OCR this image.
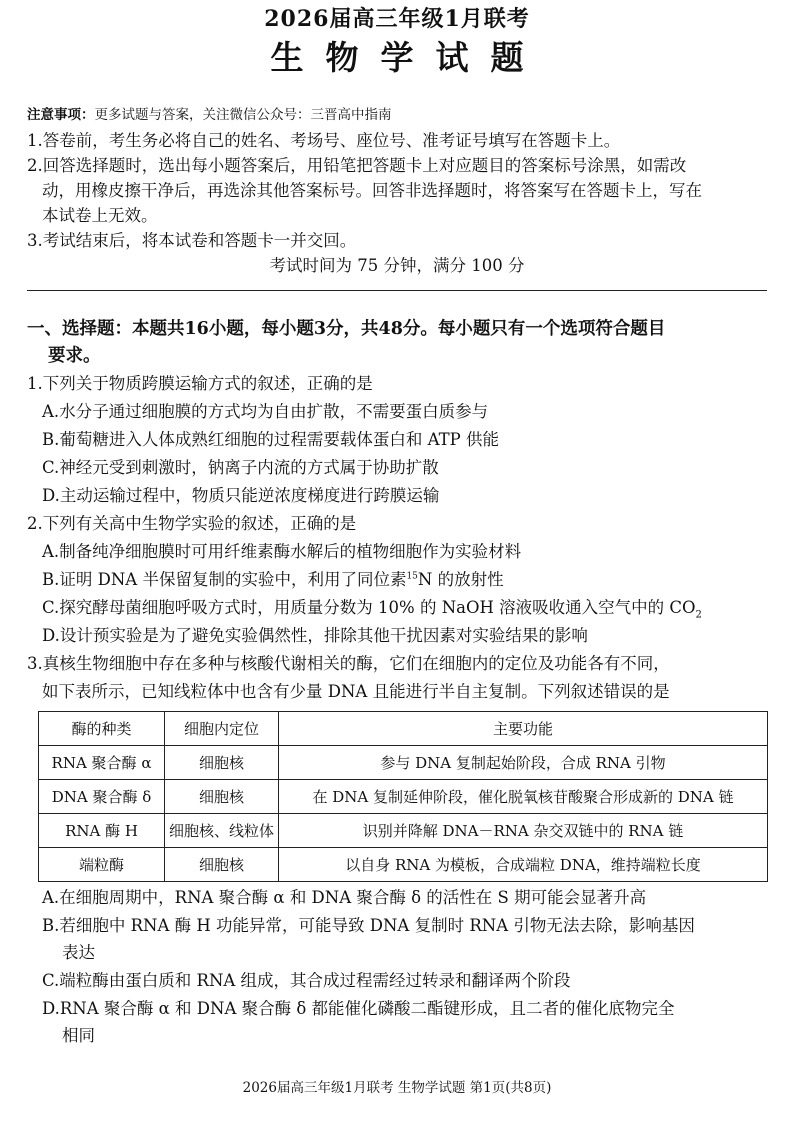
2026届高三年级1月联考
生物学试题
注意事项：更多试题与答案，关注微信公众号：三晋高中指南
1.答卷前，考生务必将自己的姓名、考场号、座位号、准考证号填写在答题卡上。
2.回答选择题时，选出每小题答案后，用铅笔把答题卡上对应题目的答案标号涂黑，如需改
动，用橡皮擦干净后，再选涂其他答案标号。回答非选择题时，将答案写在答题卡上，写在
本试卷上无效。
3.考试结束后，将本试卷和答题卡一并交回。
考试时间为 75 分钟，满分 100 分
一、选择题：本题共16小题，每小题3分，共48分。每小题只有一个选项符合题目
要求。
1.下列关于物质跨膜运输方式的叙述，正确的是
A.水分子通过细胞膜的方式均为自由扩散，不需要蛋白质参与
B.葡萄糖进入人体成熟红细胞的过程需要载体蛋白和 ATP 供能
C.神经元受到刺激时，钠离子内流的方式属于协助扩散
D.主动运输过程中，物质只能逆浓度梯度进行跨膜运输
2.下列有关高中生物学实验的叙述，正确的是
A.制备纯净细胞膜时可用纤维素酶水解后的植物细胞作为实验材料
B.证明 DNA 半保留复制的实验中，利用了同位素$^{15}$N 的放射性
C.探究酵母菌细胞呼吸方式时，用质量分数为 10% 的 NaOH 溶液吸收通入空气中的 $CO_2$
D.设计预实验是为了避免实验偶然性，排除其他干扰因素对实验结果的影响
3.真核生物细胞中存在多种与核酸代谢相关的酶，它们在细胞内的定位及功能各有不同，
如下表所示，已知线粒体中也含有少量 DNA 且能进行半自主复制。下列叙述错误的是
酶的种类	细胞内定位	主要功能
RNA 聚合酶 α	细胞核	参与 DNA 复制起始阶段，合成 RNA 引物
DNA 聚合酶 δ	细胞核	在 DNA 复制延伸阶段，催化脱氧核苷酸聚合形成新的 DNA 链
RNA 酶 H	细胞核、线粒体	识别并降解 DNA－RNA 杂交双链中的 RNA 链
端粒酶	细胞核	以自身 RNA 为模板，合成端粒 DNA，维持端粒长度
A.在细胞周期中，RNA 聚合酶 α 和 DNA 聚合酶 δ 的活性在 S 期可能会显著升高
B.若细胞中 RNA 酶 H 功能异常，可能导致 DNA 复制时 RNA 引物无法去除，影响基因
表达
C.端粒酶由蛋白质和 RNA 组成，其合成过程需经过转录和翻译两个阶段
D.RNA 聚合酶 α 和 DNA 聚合酶 δ 都能催化磷酸二酯键形成，且二者的催化底物完全
相同
2026届高三年级1月联考 生物学试题 第1页(共8页)
